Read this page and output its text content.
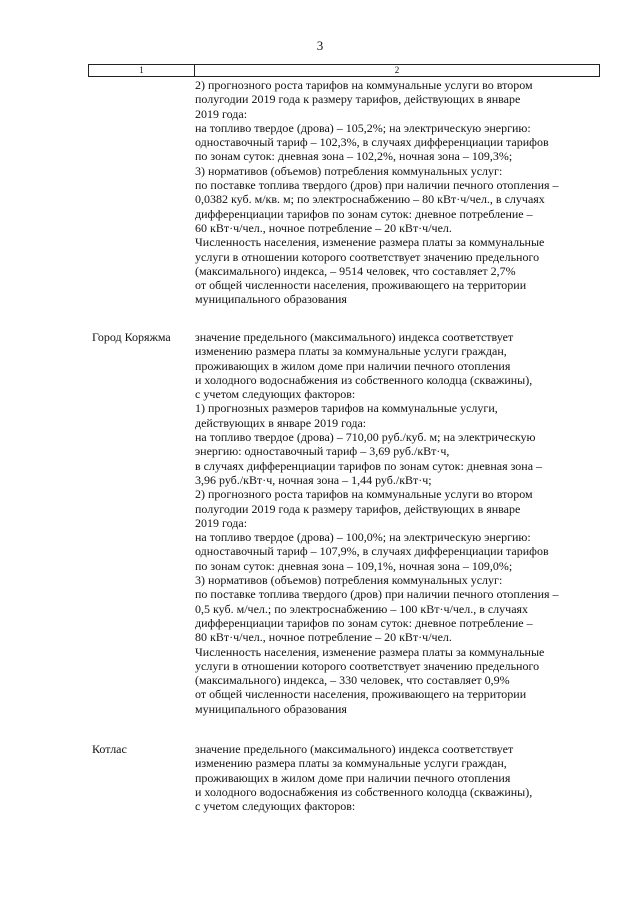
3
1	2
2) прогнозного роста тарифов на коммунальные услуги во втором
полугодии 2019 года к размеру тарифов, действующих в январе
2019 года:
на топливо твердое (дрова) – 105,2%; на электрическую энергию:
одноставочный тариф – 102,3%, в случаях дифференциации тарифов
по зонам суток: дневная зона – 102,2%, ночная зона – 109,3%;
3) нормативов (объемов) потребления коммунальных услуг:
по поставке топлива твердого (дров) при наличии печного отопления –
0,0382 куб. м/кв. м; по электроснабжению – 80 кВт·ч/чел., в случаях
дифференциации тарифов по зонам суток: дневное потребление –
60 кВт·ч/чел., ночное потребление – 20 кВт·ч/чел.
Численность населения, изменение размера платы за коммунальные
услуги в отношении которого соответствует значению предельного
(максимального) индекса, – 9514 человек, что составляет 2,7%
от общей численности населения, проживающего на территории
муниципального образования
Город Коряжма значение предельного (максимального) индекса соответствует
изменению размера платы за коммунальные услуги граждан,
проживающих в жилом доме при наличии печного отопления
и холодного водоснабжения из собственного колодца (скважины),
с учетом следующих факторов:
1) прогнозных размеров тарифов на коммунальные услуги,
действующих в январе 2019 года:
на топливо твердое (дрова) – 710,00 руб./куб. м; на электрическую
энергию: одноставочный тариф – 3,69 руб./кВт·ч,
в случаях дифференциации тарифов по зонам суток: дневная зона –
3,96 руб./кВт·ч, ночная зона – 1,44 руб./кВт·ч;
2) прогнозного роста тарифов на коммунальные услуги во втором
полугодии 2019 года к размеру тарифов, действующих в январе
2019 года:
на топливо твердое (дрова) – 100,0%; на электрическую энергию:
одноставочный тариф – 107,9%, в случаях дифференциации тарифов
по зонам суток: дневная зона – 109,1%, ночная зона – 109,0%;
3) нормативов (объемов) потребления коммунальных услуг:
по поставке топлива твердого (дров) при наличии печного отопления –
0,5 куб. м/чел.; по электроснабжению – 100 кВт·ч/чел., в случаях
дифференциации тарифов по зонам суток: дневное потребление –
80 кВт·ч/чел., ночное потребление – 20 кВт·ч/чел.
Численность населения, изменение размера платы за коммунальные
услуги в отношении которого соответствует значению предельного
(максимального) индекса, – 330 человек, что составляет 0,9%
от общей численности населения, проживающего на территории
муниципального образования
Котлас	значение предельного (максимального) индекса соответствует
изменению размера платы за коммунальные услуги граждан,
проживающих в жилом доме при наличии печного отопления
и холодного водоснабжения из собственного колодца (скважины),
с учетом следующих факторов:
